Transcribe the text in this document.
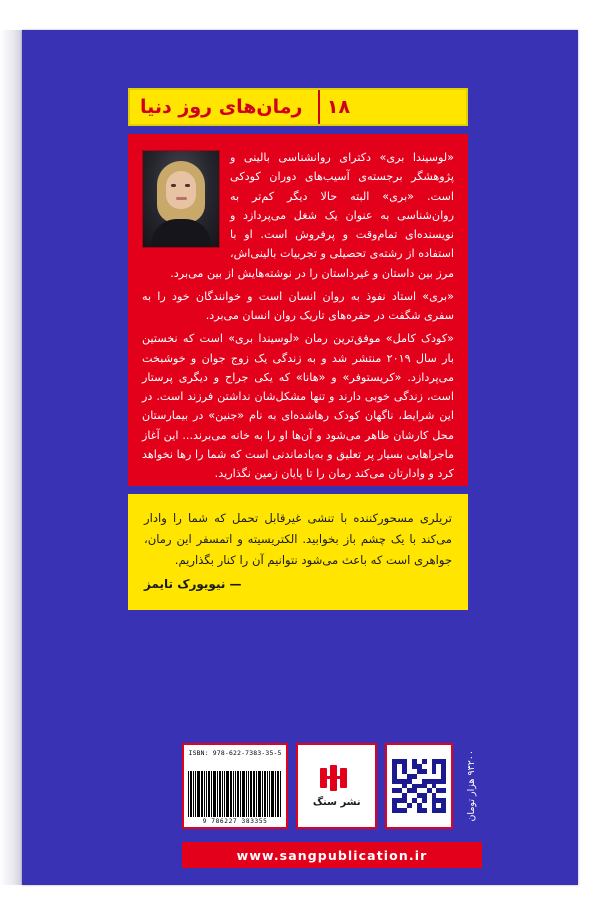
رمان‌های روز دنیا	۱۸

«لوسیندا بری» دکترای روانشناسی بالینی و پژوهشگر برجسته‌ی آسیب‌های دوران کودکی است. «بری» البته حالا دیگر کم‌تر به روان‌شناسی به عنوان یک شغل می‌پردازد و نویسنده‌ای تمام‌وقت و پرفروش است. او با استفاده از رشته‌ی تحصیلی و تجربیات بالینی‌اش، مرز بین داستان و غیرداستان را در نوشته‌هایش از بین می‌برد.

«بری» استاد نفوذ به روان انسان است و خوانندگان خود را به سفری شگفت در حفره‌های تاریک روان انسان می‌برد.

«کودک کامل» موفق‌ترین رمان «لوسیندا بری» است که نخستین بار سال ۲۰۱۹ منتشر شد و به زندگی یک زوج جوان و خوشبخت می‌پردازد. «کریستوفر» و «هانا» که یکی جراح و دیگری پرستار است، زندگی خوبی دارند و تنها مشکل‌شان نداشتن فرزند است. در این شرایط، ناگهان کودک رهاشده‌ای به نام «جنین» در بیمارستان محل کارشان ظاهر می‌شود و آن‌ها او را به خانه می‌برند... این آغاز ماجراهایی بسیار پر تعلیق و به‌یادماندنی است که شما را رها نخواهد کرد و وادارتان می‌کند رمان را تا پایان زمین نگذارید.

تریلری مسحورکننده با تنشی غیرقابل تحمل که شما را وادار می‌کند با یک چشم باز بخوابید. الکتریسیته و اتمسفر این رمان، جواهری است که باعث می‌شود نتوانیم آن را کنار بگذاریم.
— نیویورک تایمز
۹۳۲۰۰ هزار تومان
نشر سنگ
ISBN: 978-622-7383-35-5
9 786227 383355
www.sangpublication.ir
